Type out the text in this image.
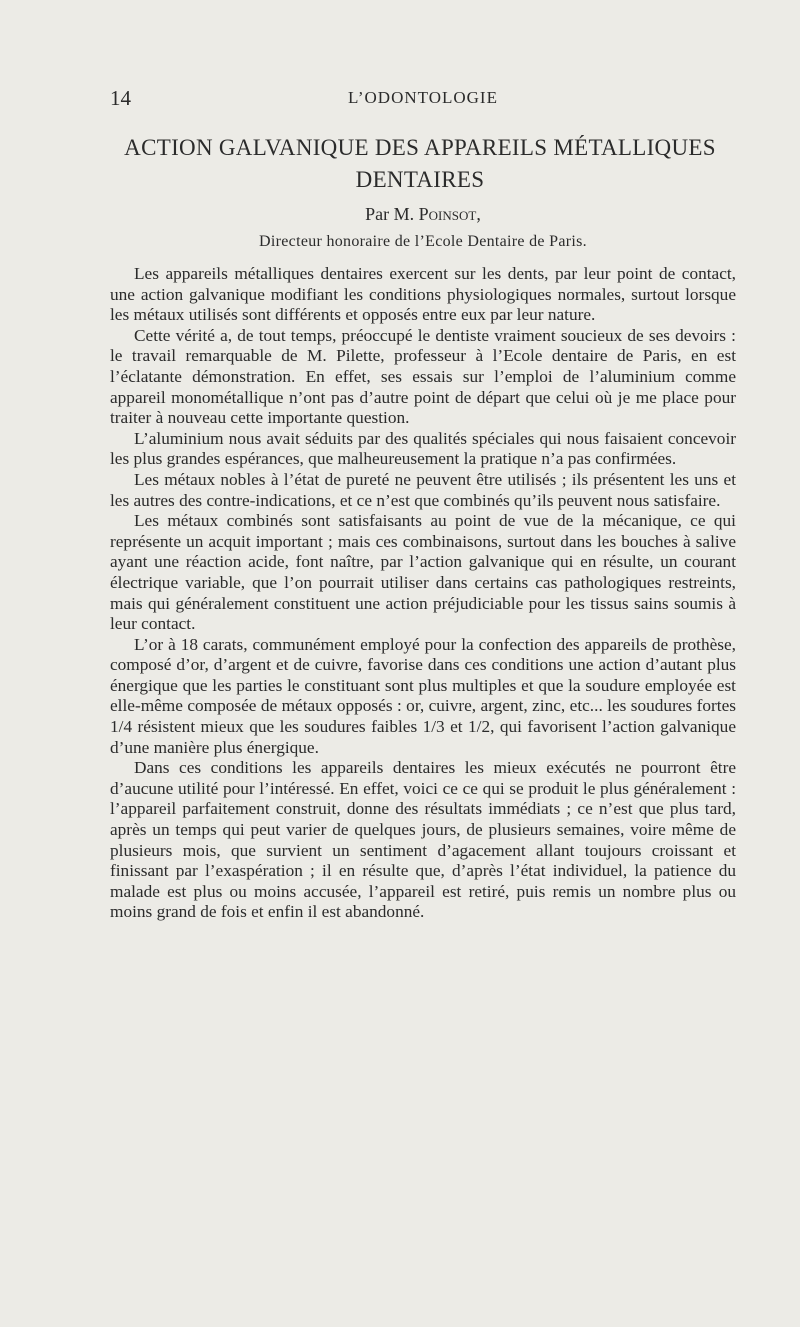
14	L’ODONTOLOGIE
ACTION GALVANIQUE DES APPAREILS MÉTALLIQUES DENTAIRES
Par M. Poinsot,
Directeur honoraire de l’Ecole Dentaire de Paris.

Les appareils métalliques dentaires exercent sur les dents, par leur point de contact, une action galvanique modifiant les conditions physiologiques normales, surtout lorsque les métaux utilisés sont différents et opposés entre eux par leur nature.

Cette vérité a, de tout temps, préoccupé le dentiste vraiment soucieux de ses devoirs : le travail remarquable de M. Pilette, professeur à l’Ecole dentaire de Paris, en est l’éclatante démonstration. En effet, ses essais sur l’emploi de l’aluminium comme appareil monométallique n’ont pas d’autre point de départ que celui où je me place pour traiter à nouveau cette importante question.

L’aluminium nous avait séduits par des qualités spéciales qui nous faisaient concevoir les plus grandes espérances, que malheureusement la pratique n’a pas confirmées.

Les métaux nobles à l’état de pureté ne peuvent être utilisés ; ils présentent les uns et les autres des contre-indications, et ce n’est que combinés qu’ils peuvent nous satisfaire.

Les métaux combinés sont satisfaisants au point de vue de la mécanique, ce qui représente un acquit important ; mais ces combinaisons, surtout dans les bouches à salive ayant une réaction acide, font naître, par l’action galvanique qui en résulte, un courant électrique variable, que l’on pourrait utiliser dans certains cas pathologiques restreints, mais qui généralement constituent une action préjudiciable pour les tissus sains soumis à leur contact.

L’or à 18 carats, communément employé pour la confection des appareils de prothèse, composé d’or, d’argent et de cuivre, favorise dans ces conditions une action d’autant plus énergique que les parties le constituant sont plus multiples et que la soudure employée est elle-même composée de métaux opposés : or, cuivre, argent, zinc, etc... les soudures fortes 1/4 résistent mieux que les soudures faibles 1/3 et 1/2, qui favorisent l’action galvanique d’une manière plus énergique.

Dans ces conditions les appareils dentaires les mieux exécutés ne pourront être d’aucune utilité pour l’intéressé. En effet, voici ce ce qui se produit le plus généralement : l’appareil parfaitement construit, donne des résultats immédiats ; ce n’est que plus tard, après un temps qui peut varier de quelques jours, de plusieurs semaines, voire même de plusieurs mois, que survient un sentiment d’agacement allant toujours croissant et finissant par l’exaspération ; il en résulte que, d’après l’état individuel, la patience du malade est plus ou moins accusée, l’appareil est retiré, puis remis un nombre plus ou moins grand de fois et enfin il est abandonné.
